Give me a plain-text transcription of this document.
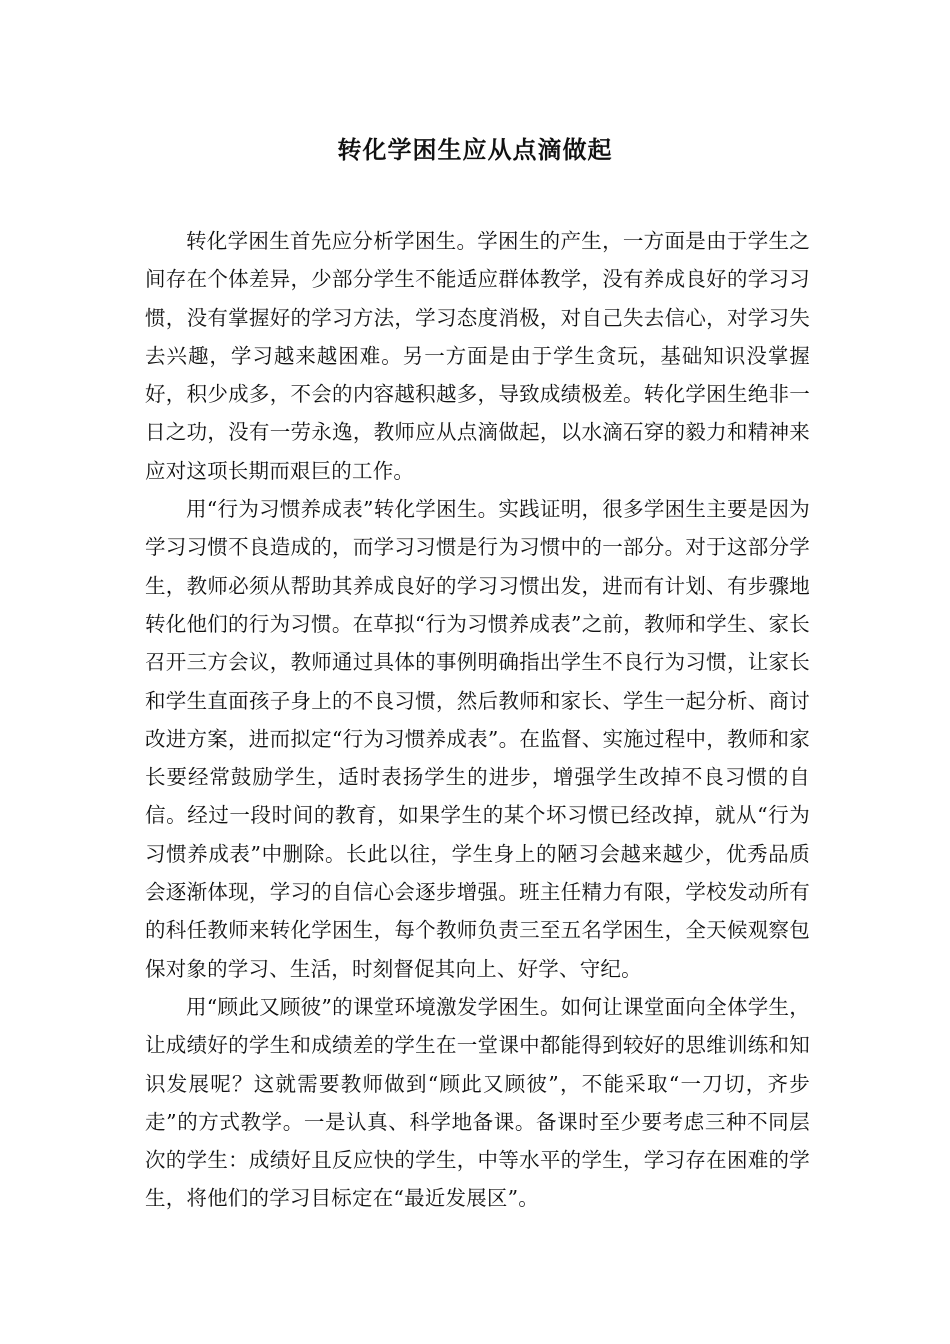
转化学困生应从点滴做起

转化学困生首先应分析学困生。学困生的产生，一方面是由于学生之间存在个体差异，少部分学生不能适应群体教学，没有养成良好的学习习惯，没有掌握好的学习方法，学习态度消极，对自己失去信心，对学习失去兴趣，学习越来越困难。另一方面是由于学生贪玩，基础知识没掌握好，积少成多，不会的内容越积越多，导致成绩极差。转化学困生绝非一日之功，没有一劳永逸，教师应从点滴做起，以水滴石穿的毅力和精神来应对这项长期而艰巨的工作。

用“行为习惯养成表”转化学困生。实践证明，很多学困生主要是因为学习习惯不良造成的，而学习习惯是行为习惯中的一部分。对于这部分学生，教师必须从帮助其养成良好的学习习惯出发，进而有计划、有步骤地转化他们的行为习惯。在草拟“行为习惯养成表”之前，教师和学生、家长召开三方会议，教师通过具体的事例明确指出学生不良行为习惯，让家长和学生直面孩子身上的不良习惯，然后教师和家长、学生一起分析、商讨改进方案，进而拟定“行为习惯养成表”。在监督、实施过程中，教师和家长要经常鼓励学生，适时表扬学生的进步，增强学生改掉不良习惯的自信。经过一段时间的教育，如果学生的某个坏习惯已经改掉，就从“行为习惯养成表”中删除。长此以往，学生身上的陋习会越来越少，优秀品质会逐渐体现，学习的自信心会逐步增强。班主任精力有限，学校发动所有的科任教师来转化学困生，每个教师负责三至五名学困生，全天候观察包保对象的学习、生活，时刻督促其向上、好学、守纪。

用“顾此又顾彼”的课堂环境激发学困生。如何让课堂面向全体学生，让成绩好的学生和成绩差的学生在一堂课中都能得到较好的思维训练和知识发展呢？这就需要教师做到“顾此又顾彼”，不能采取“一刀切，齐步走”的方式教学。一是认真、科学地备课。备课时至少要考虑三种不同层次的学生：成绩好且反应快的学生，中等水平的学生，学习存在困难的学生，将他们的学习目标定在“最近发展区”。
